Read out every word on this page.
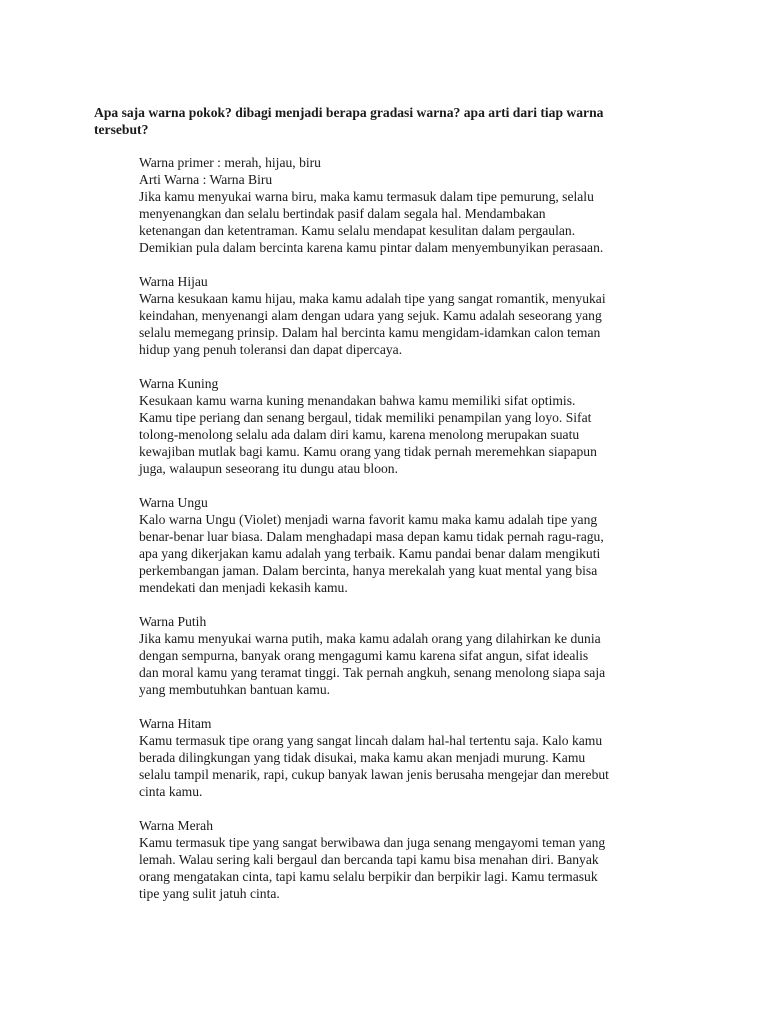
Apa saja warna pokok? dibagi menjadi berapa gradasi warna? apa arti dari tiap warna
tersebut?

Warna primer : merah, hijau, biru
Arti Warna : Warna Biru
Jika kamu menyukai warna biru, maka kamu termasuk dalam tipe pemurung, selalu
menyenangkan dan selalu bertindak pasif dalam segala hal. Mendambakan
ketenangan dan ketentraman. Kamu selalu mendapat kesulitan dalam pergaulan.
Demikian pula dalam bercinta karena kamu pintar dalam menyembunyikan perasaan.
Warna Hijau
Warna kesukaan kamu hijau, maka kamu adalah tipe yang sangat romantik, menyukai
keindahan, menyenangi alam dengan udara yang sejuk. Kamu adalah seseorang yang
selalu memegang prinsip. Dalam hal bercinta kamu mengidam-idamkan calon teman
hidup yang penuh toleransi dan dapat dipercaya.
Warna Kuning
Kesukaan kamu warna kuning menandakan bahwa kamu memiliki sifat optimis.
Kamu tipe periang dan senang bergaul, tidak memiliki penampilan yang loyo. Sifat
tolong-menolong selalu ada dalam diri kamu, karena menolong merupakan suatu
kewajiban mutlak bagi kamu. Kamu orang yang tidak pernah meremehkan siapapun
juga, walaupun seseorang itu dungu atau bloon.
Warna Ungu
Kalo warna Ungu (Violet) menjadi warna favorit kamu maka kamu adalah tipe yang
benar-benar luar biasa. Dalam menghadapi masa depan kamu tidak pernah ragu-ragu,
apa yang dikerjakan kamu adalah yang terbaik. Kamu pandai benar dalam mengikuti
perkembangan jaman. Dalam bercinta, hanya merekalah yang kuat mental yang bisa
mendekati dan menjadi kekasih kamu.
Warna Putih
Jika kamu menyukai warna putih, maka kamu adalah orang yang dilahirkan ke dunia
dengan sempurna, banyak orang mengagumi kamu karena sifat angun, sifat idealis
dan moral kamu yang teramat tinggi. Tak pernah angkuh, senang menolong siapa saja
yang membutuhkan bantuan kamu.
Warna Hitam
Kamu termasuk tipe orang yang sangat lincah dalam hal-hal tertentu saja. Kalo kamu
berada dilingkungan yang tidak disukai, maka kamu akan menjadi murung. Kamu
selalu tampil menarik, rapi, cukup banyak lawan jenis berusaha mengejar dan merebut
cinta kamu.
Warna Merah
Kamu termasuk tipe yang sangat berwibawa dan juga senang mengayomi teman yang
lemah. Walau sering kali bergaul dan bercanda tapi kamu bisa menahan diri. Banyak
orang mengatakan cinta, tapi kamu selalu berpikir dan berpikir lagi. Kamu termasuk
tipe yang sulit jatuh cinta.
